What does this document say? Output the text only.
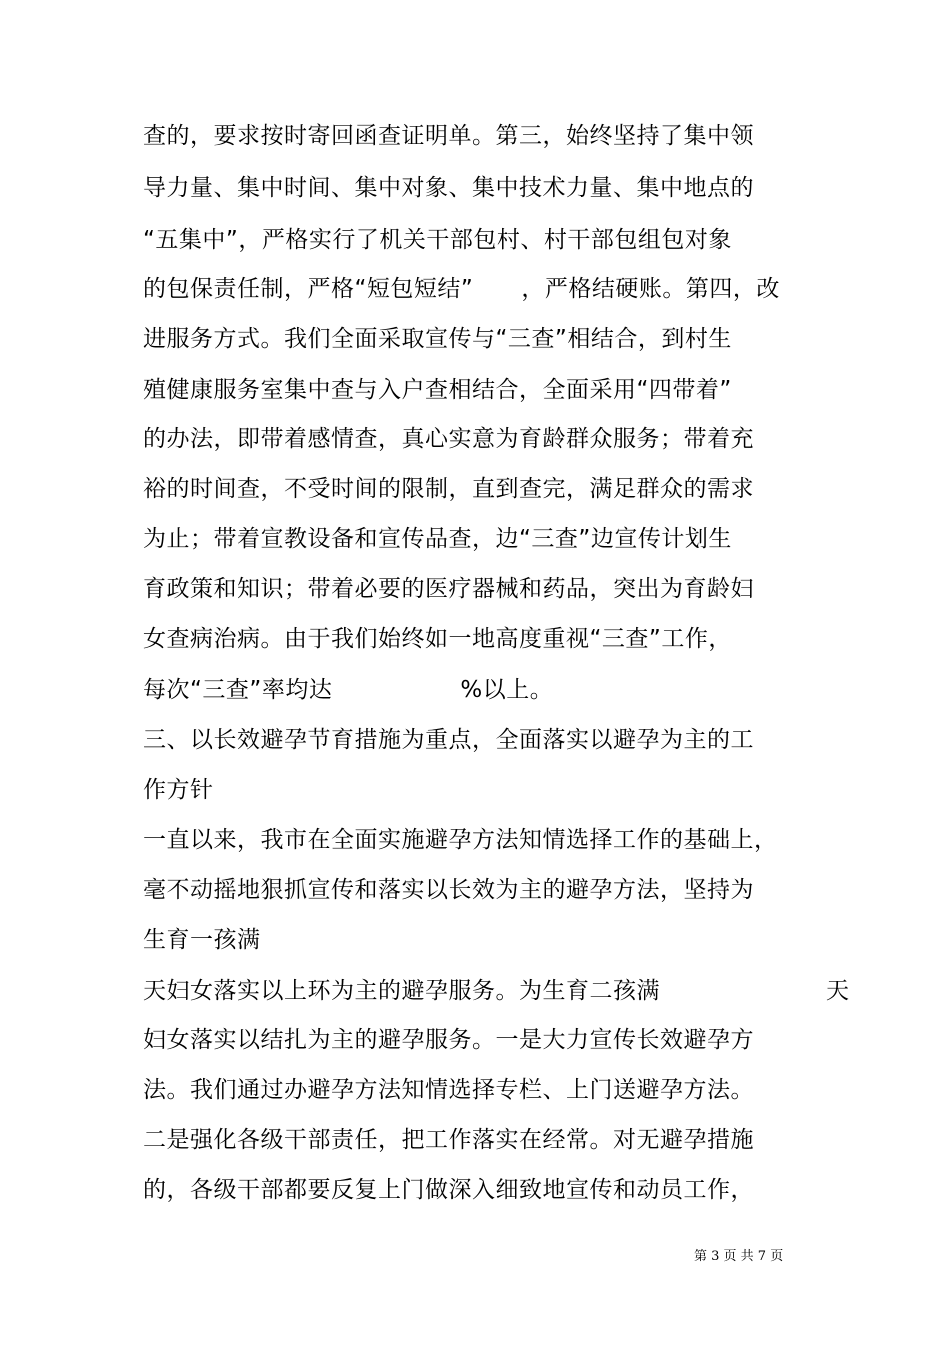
查的，要求按时寄回函查证明单。第三，始终坚持了集中领
导力量、集中时间、集中对象、集中技术力量、集中地点的
“五集中”，严格实行了机关干部包村、村干部包组包对象
的包保责任制，严格“短包短结” ，严格结硬账。第四，改
进服务方式。我们全面采取宣传与“三查”相结合，到村生
殖健康服务室集中查与入户查相结合，全面采用“四带着”
的办法，即带着感情查，真心实意为育龄群众服务；带着充
裕的时间查，不受时间的限制，直到查完，满足群众的需求
为止；带着宣教设备和宣传品查，边“三查”边宣传计划生
育政策和知识；带着必要的医疗器械和药品，突出为育龄妇
女查病治病。由于我们始终如一地高度重视“三查”工作，
每次“三查”率均达	%以上。
三、以长效避孕节育措施为重点，全面落实以避孕为主的工
作方针
一直以来，我市在全面实施避孕方法知情选择工作的基础上，
毫不动摇地狠抓宣传和落实以长效为主的避孕方法，坚持为
生育一孩满
天妇女落实以上环为主的避孕服务。为生育二孩满	天
妇女落实以结扎为主的避孕服务。一是大力宣传长效避孕方
法。我们通过办避孕方法知情选择专栏、上门送避孕方法。
二是强化各级干部责任，把工作落实在经常。对无避孕措施
的，各级干部都要反复上门做深入细致地宣传和动员工作，
第 3 页 共 7 页
